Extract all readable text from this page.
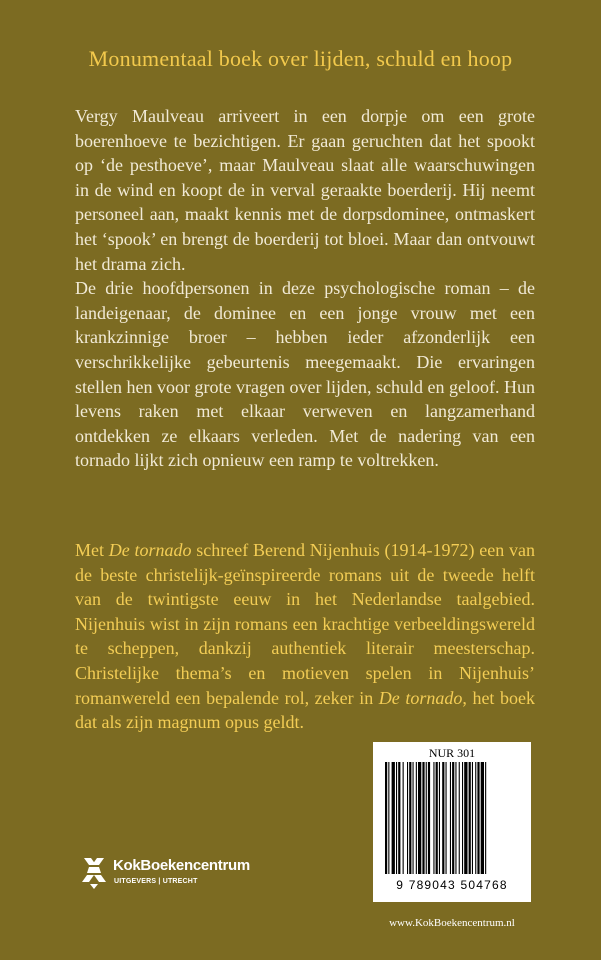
Monumentaal boek over lijden, schuld en hoop

Vergy Maulveau arriveert in een dorpje om een grote boerenhoeve te bezichtigen. Er gaan geruchten dat het spookt op ‘de pesthoeve’, maar Maulveau slaat alle waarschuwingen in de wind en koopt de in verval geraakte boerderij. Hij neemt personeel aan, maakt kennis met de dorpsdominee, ontmaskert het ‘spook’ en brengt de boerderij tot bloei. Maar dan ontvouwt het drama zich.

De drie hoofdpersonen in deze psychologische roman – de landeigenaar, de dominee en een jonge vrouw met een krankzinnige broer – hebben ieder afzonderlijk een verschrikkelijke gebeurtenis meegemaakt. Die ervaringen stellen hen voor grote vragen over lijden, schuld en geloof. Hun levens raken met elkaar verweven en langzamerhand ontdekken ze elkaars verleden. Met de nadering van een tornado lijkt zich opnieuw een ramp te voltrekken.

Met De tornado schreef Berend Nijenhuis (1914-1972) een van de beste christelijk-geïnspireerde romans uit de tweede helft van de twintigste eeuw in het Nederlandse taalgebied. Nijenhuis wist in zijn romans een krachtige verbeeldingswereld te scheppen, dankzij authentiek literair meesterschap. Christelijke thema’s en motieven spelen in Nijenhuis’ romanwereld een bepalende rol, zeker in De tornado, het boek dat als zijn magnum opus geldt.
KokBoekencentrum
UITGEVERS | UTRECHT
NUR 301
9 789043 504768
www.KokBoekencentrum.nl
